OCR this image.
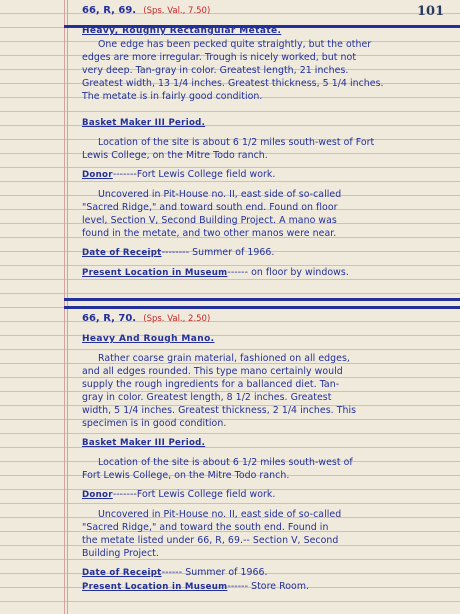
101
66, R, 69. (Sps. Val., 7.50)
Heavy, Roughly Rectangular Metate.
One edge has been pecked quite straightly, but the other
edges are more irregular. Trough is nicely worked, but not
very deep. Tan-gray in color. Greatest length, 21 inches.
Greatest width, 13 1/4 inches. Greatest thickness, 5 1/4 inches.
The metate is in fairly good condition.
Basket Maker III Period.
Location of the site is about 6 1/2 miles south-west of Fort
Lewis College, on the Mitre Todo ranch.
Donor-------Fort Lewis College field work.
Uncovered in Pit-House no. II, east side of so-called
"Sacred Ridge," and toward south end. Found on floor
level, Section V, Second Building Project. A mano was
found in the metate, and two other manos were near.
Date of Receipt-------- Summer of 1966.
Present Location in Museum------ on floor by windows.
66, R, 70. (Sps. Val., 2.50)
Heavy And Rough Mano.
Rather coarse grain material, fashioned on all edges,
and all edges rounded. This type mano certainly would
supply the rough ingredients for a ballanced diet. Tan-
gray in color. Greatest length, 8 1/2 inches. Greatest
width, 5 1/4 inches. Greatest thickness, 2 1/4 inches. This
specimen is in good condition.
Basket Maker III Period.
Location of the site is about 6 1/2 miles south-west of
Fort Lewis College, on the Mitre Todo ranch.
Donor-------Fort Lewis College field work.
Uncovered in Pit-House no. II, east side of so-called
"Sacred Ridge," and toward the south end. Found in
the metate listed under 66, R, 69.-- Section V, Second
Building Project.
Date of Receipt------ Summer of 1966.
Present Location in Museum------ Store Room.
